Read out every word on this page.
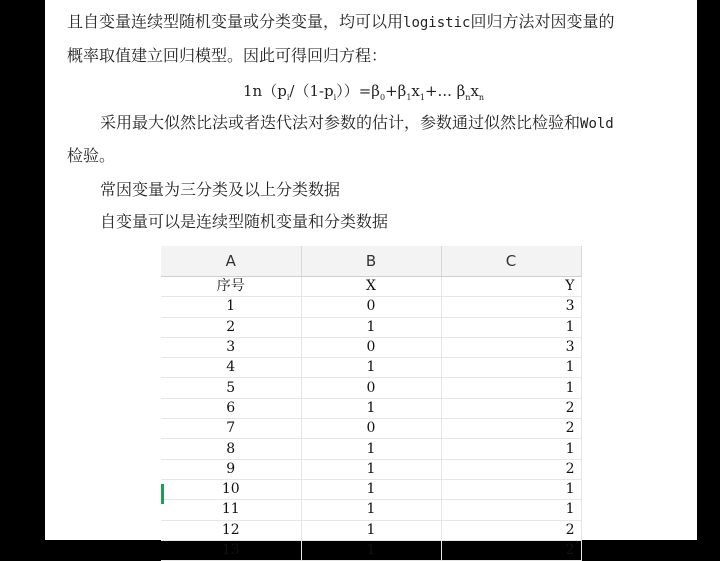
且自变量连续型随机变量或分类变量，均可以用logistic回归方法对因变量的
概率取值建立回归模型。因此可得回归方程：
$1n(p_i/(1-p_i))=\beta_0+\beta_1x_1+$... $\beta_nx_n$
采用最大似然比法或者迭代法对参数的估计，参数通过似然比检验和Wold
检验。
常因变量为三分类及以上分类数据
自变量可以是连续型随机变量和分类数据
A	B	C
序号	X	Y
1	0	3
2	1	1
3	0	3
4	1	1
5	0	1
6	1	2
7	0	2
8	1	1
9	1	2
10	1	1
11	1	1
12	1	2
13	1	2
